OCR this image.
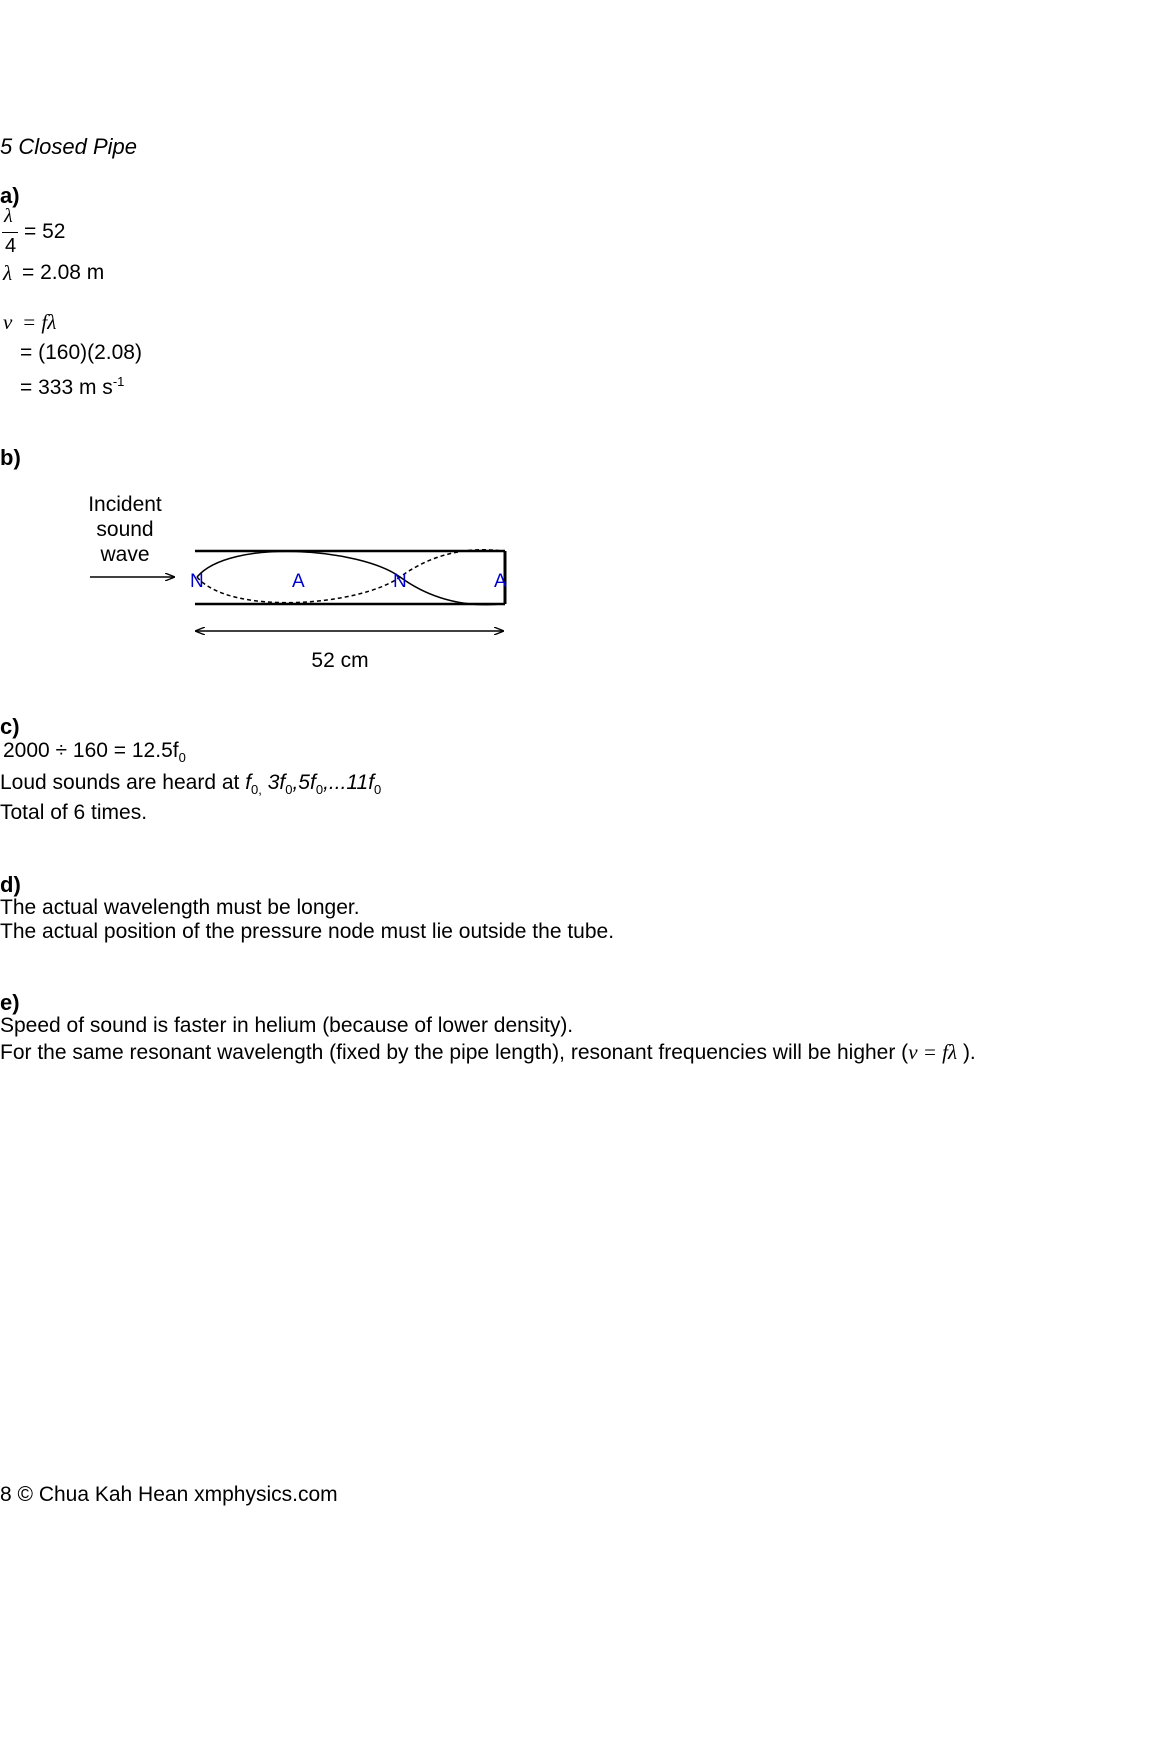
5 Closed Pipe
a)
λ
4
= 52
λ = 2.08 m
v = fλ
= (160)(2.08)
= 333 m $s^{-1}$
b)
Incident
sound
wave
N	A	N	A
52 cm
c)
$2000 \div 160 = 12.5f_0$
Loud sounds are heard at $f_{0,}$ $3f_0,5f_0,...11f_0$
Total of 6 times.
d)
The actual wavelength must be longer.
The actual position of the pressure node must lie outside the tube.
e)
Speed of sound is faster in helium (because of lower density).
For the same resonant wavelength (fixed by the pipe length), resonant frequencies will be higher (v = fλ ).
8 © Chua Kah Hean xmphysics.com
